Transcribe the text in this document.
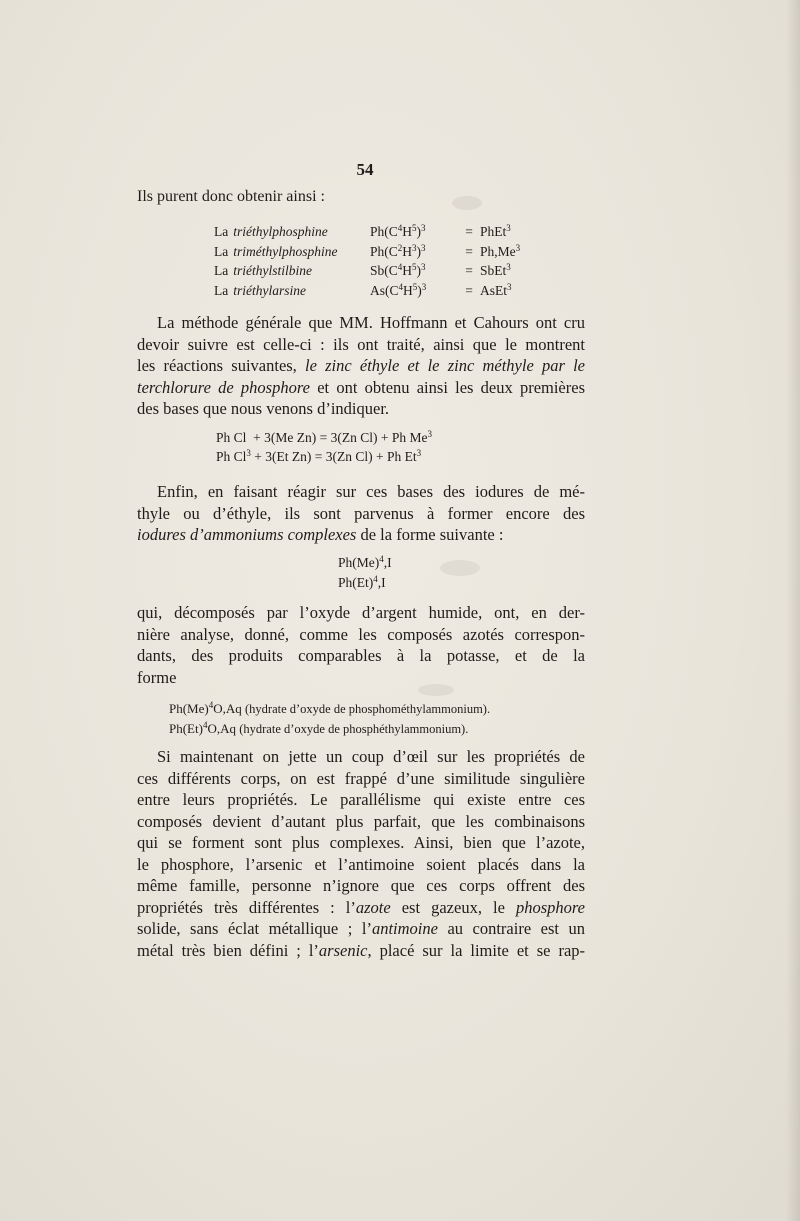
54
Ils purent donc obtenir ainsi :
La triéthylphosphine	$Ph(C^4H^5)^3$	= PhEt$^3$
La triméthylphosphine	$Ph(C^2H^3)^3$	= $Ph,Me^3$
La triéthylstilbine	$Sb(C^4H^5)^3$	= SbEt$^3$
La triéthylarsine	$As(C^4H^5)^3$	= AsEt$^3$
La méthode générale que MM. Hoffmann et Cahours ont cru
devoir suivre est celle-ci : ils ont traité, ainsi que le montrent
les réactions suivantes, le zinc éthyle et le zinc méthyle par le
terchlorure de phosphore et ont obtenu ainsi les deux premières
des bases que nous venons d’indiquer.
Ph Cl  + 3(Me Zn) = 3(Zn Cl) + Ph Me$^3$
Ph $Cl^3 + 3(Et$ Zn) = 3(Zn Cl) + Ph Et$^3$
Enfin, en faisant réagir sur ces bases des iodures de mé-
thyle ou d’éthyle, ils sont parvenus à former encore des
iodures d’ammoniums complexes de la forme suivante :
$Ph(Me)^4,I$
$Ph(Et)^4,I$
qui, décomposés par l’oxyde d’argent humide, ont, en der-
nière analyse, donné, comme les composés azotés correspon-
dants, des produits comparables à la potasse, et de la
forme
$Ph(Me)^4O,Aq$ (hydrate d’oxyde de phosphométhylammonium).
$Ph(Et)^4O,Aq$ (hydrate d’oxyde de phosphéthylammonium).
Si maintenant on jette un coup d’œil sur les propriétés de
ces différents corps, on est frappé d’une similitude singulière
entre leurs propriétés. Le parallélisme qui existe entre ces
composés devient d’autant plus parfait, que les combinaisons
qui se forment sont plus complexes. Ainsi, bien que l’azote,
le phosphore, l’arsenic et l’antimoine soient placés dans la
même famille, personne n’ignore que ces corps offrent des
propriétés très différentes : l’azote est gazeux, le phosphore
solide, sans éclat métallique ; l’antimoine au contraire est un
métal très bien défini ; l’arsenic, placé sur la limite et se rap-
